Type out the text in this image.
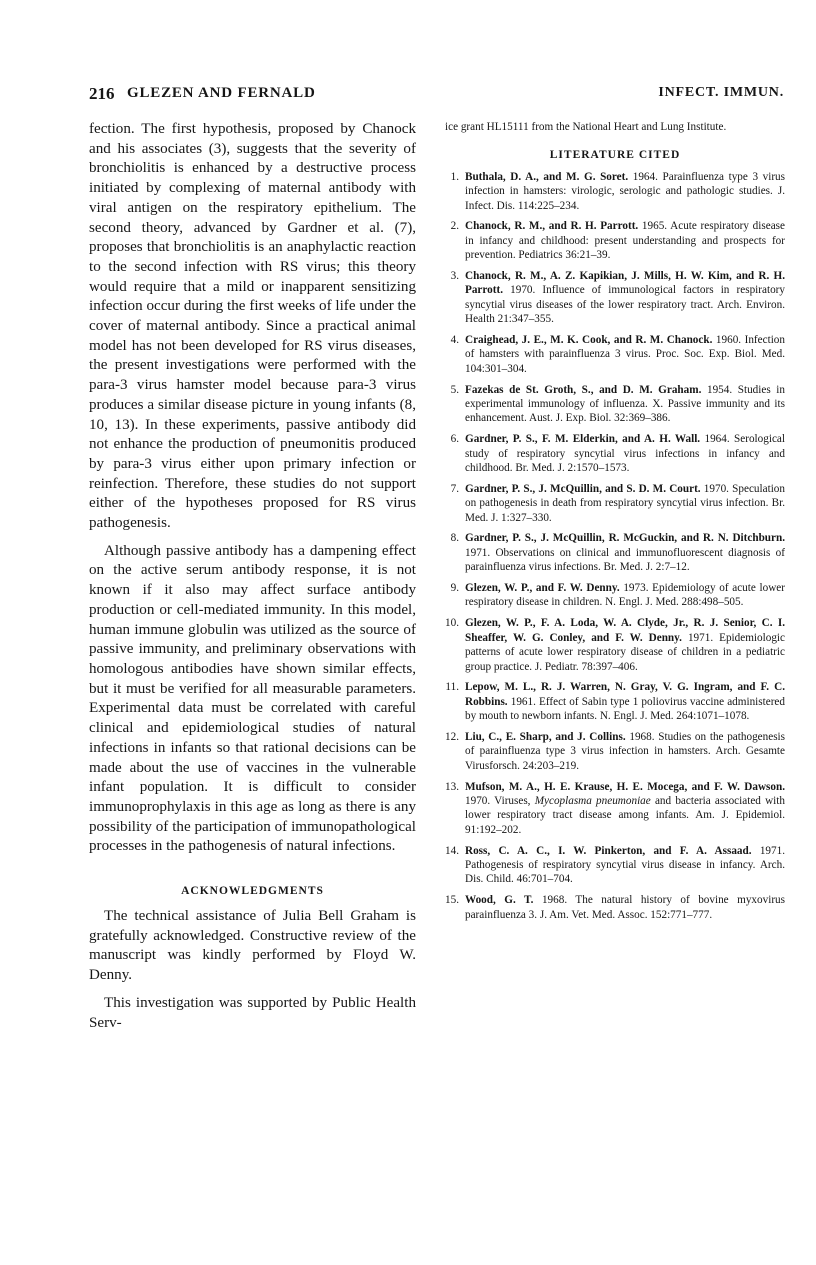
216 GLEZEN AND FERNALD	INFECT. IMMUN.

fection. The first hypothesis, proposed by Chanock and his associates (3), suggests that the severity of bronchiolitis is enhanced by a destructive process initiated by complexing of maternal antibody with viral antigen on the respiratory epithelium. The second theory, advanced by Gardner et al. (7), proposes that bronchiolitis is an anaphylactic reaction to the second infection with RS virus; this theory would require that a mild or inapparent sensitizing infection occur during the first weeks of life under the cover of maternal antibody. Since a practical animal model has not been developed for RS virus diseases, the present investigations were performed with the para-3 virus hamster model because para-3 virus produces a similar disease picture in young infants (8, 10, 13). In these experiments, passive antibody did not enhance the production of pneumonitis produced by para-3 virus either upon primary infection or reinfection. Therefore, these studies do not support either of the hypotheses proposed for RS virus pathogenesis.

Although passive antibody has a dampening effect on the active serum antibody response, it is not known if it also may affect surface antibody production or cell-mediated immunity. In this model, human immune globulin was utilized as the source of passive immunity, and preliminary observations with homologous antibodies have shown similar effects, but it must be verified for all measurable parameters. Experimental data must be correlated with careful clinical and epidemiological studies of natural infections in infants so that rational decisions can be made about the use of vaccines in the vulnerable infant population. It is difficult to consider immunoprophylaxis in this age as long as there is any possibility of the participation of immunopathological processes in the pathogenesis of natural infections.

ACKNOWLEDGMENTS

The technical assistance of Julia Bell Graham is gratefully acknowledged. Constructive review of the manuscript was kindly performed by Floyd W. Denny.

This investigation was supported by Public Health Serv-

ice grant HL15111 from the National Heart and Lung Institute.

LITERATURE CITED
1. Buthala, D. A., and M. G. Soret. 1964. Parainfluenza type 3 virus infection in hamsters: virologic, serologic and pathologic studies. J. Infect. Dis. 114:225–234.
2. Chanock, R. M., and R. H. Parrott. 1965. Acute respiratory disease in infancy and childhood: present understanding and prospects for prevention. Pediatrics 36:21–39.
3. Chanock, R. M., A. Z. Kapikian, J. Mills, H. W. Kim, and R. H. Parrott. 1970. Influence of immunological factors in respiratory syncytial virus diseases of the lower respiratory tract. Arch. Environ. Health 21:347–355.
4. Craighead, J. E., M. K. Cook, and R. M. Chanock. 1960. Infection of hamsters with parainfluenza 3 virus. Proc. Soc. Exp. Biol. Med. 104:301–304.
5. Fazekas de St. Groth, S., and D. M. Graham. 1954. Studies in experimental immunology of influenza. X. Passive immunity and its enhancement. Aust. J. Exp. Biol. 32:369–386.
6. Gardner, P. S., F. M. Elderkin, and A. H. Wall. 1964. Serological study of respiratory syncytial virus infections in infancy and childhood. Br. Med. J. 2:1570–1573.
7. Gardner, P. S., J. McQuillin, and S. D. M. Court. 1970. Speculation on pathogenesis in death from respiratory syncytial virus infection. Br. Med. J. 1:327–330.
8. Gardner, P. S., J. McQuillin, R. McGuckin, and R. N. Ditchburn. 1971. Observations on clinical and immunofluorescent diagnosis of parainfluenza virus infections. Br. Med. J. 2:7–12.
9. Glezen, W. P., and F. W. Denny. 1973. Epidemiology of acute lower respiratory disease in children. N. Engl. J. Med. 288:498–505.
10. Glezen, W. P., F. A. Loda, W. A. Clyde, Jr., R. J. Senior, C. I. Sheaffer, W. G. Conley, and F. W. Denny. 1971. Epidemiologic patterns of acute lower respiratory disease of children in a pediatric group practice. J. Pediatr. 78:397–406.
11. Lepow, M. L., R. J. Warren, N. Gray, V. G. Ingram, and F. C. Robbins. 1961. Effect of Sabin type 1 poliovirus vaccine administered by mouth to newborn infants. N. Engl. J. Med. 264:1071–1078.
12. Liu, C., E. Sharp, and J. Collins. 1968. Studies on the pathogenesis of parainfluenza type 3 virus infection in hamsters. Arch. Gesamte Virusforsch. 24:203–219.
13. Mufson, M. A., H. E. Krause, H. E. Mocega, and F. W. Dawson. 1970. Viruses, Mycoplasma pneumoniae and bacteria associated with lower respiratory tract disease among infants. Am. J. Epidemiol. 91:192–202.
14. Ross, C. A. C., I. W. Pinkerton, and F. A. Assaad. 1971. Pathogenesis of respiratory syncytial virus disease in infancy. Arch. Dis. Child. 46:701–704.
15. Wood, G. T. 1968. The natural history of bovine myxovirus parainfluenza 3. J. Am. Vet. Med. Assoc. 152:771–777.
